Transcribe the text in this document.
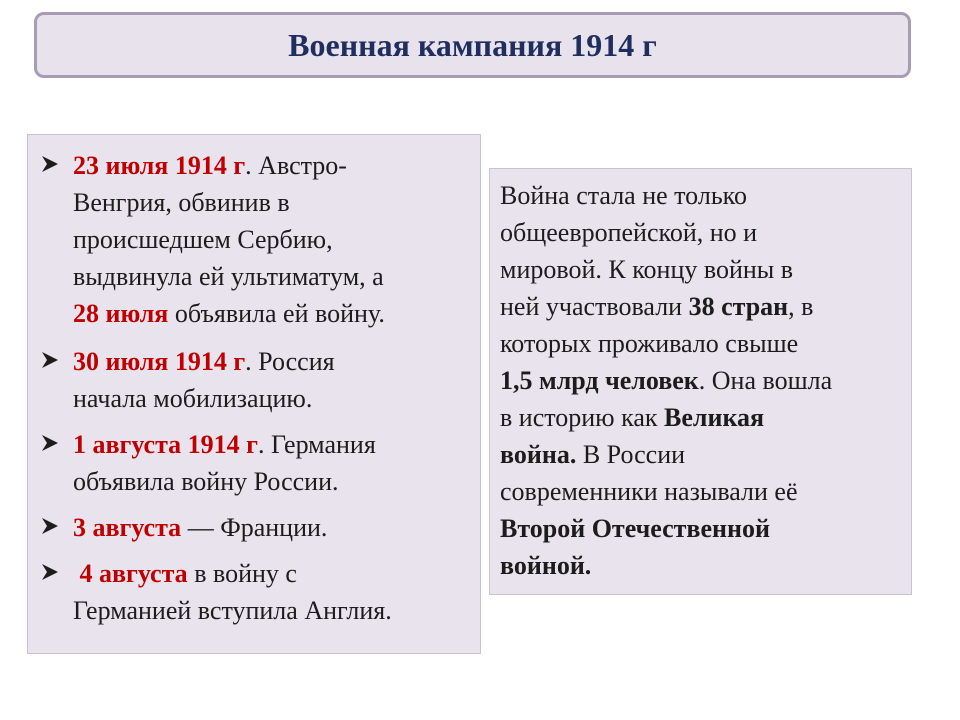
Военная кампания 1914 г
23 июля 1914 г. Австро-
Венгрия, обвинив в
происшедшем Сербию,
выдвинула ей ультиматум, а
28 июля объявила ей войну.
30 июля 1914 г. Россия
начала мобилизацию.
1 августа 1914 г. Германия
объявила войну России.
3 августа — Франции.
4 августа в войну с
Германией вступила Англия.
Война стала не только
общеевропейской, но и
мировой. К концу войны в
ней участвовали 38 стран, в
которых проживало свыше
1,5 млрд человек. Она вошла
в историю как Великая
война. В России
современники называли её
Второй Отечественной
войной.
